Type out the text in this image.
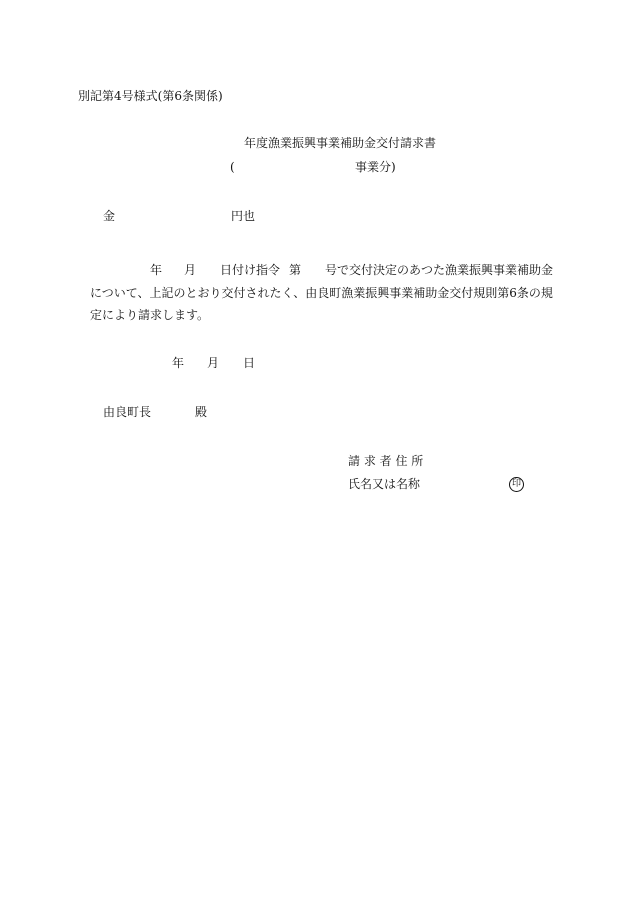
別記第4号様式(第6条関係)
年度漁業振興事業補助金交付請求書
(	事業分)
金	円也
年 月 日付け指令 第 号で交付決定のあつた漁業振興事業補助金
について、上記のとおり交付されたく、由良町漁業振興事業補助金交付規則第6条の規
定により請求します。
年 月 日
由良町長	殿
請 求 者 住 所
氏名又は名称	印
